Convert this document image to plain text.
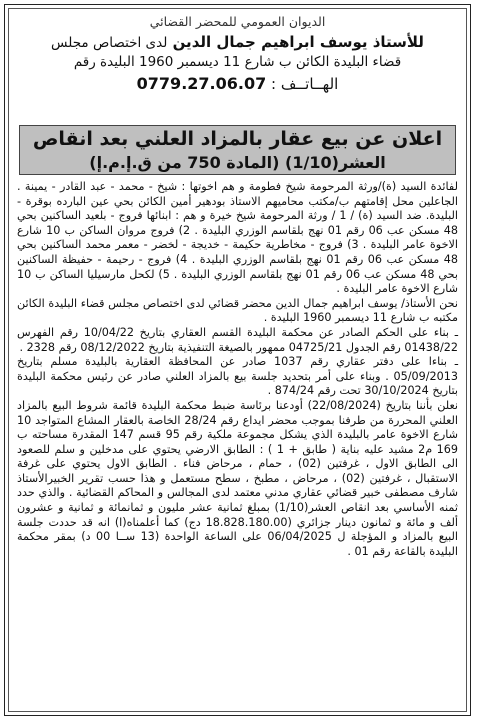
الديوان العمومي للمحضر القضائي
للأستاذ يوسف ابراهيم جمال الدين لدى اختصاص مجلس
قضاء البليدة الكائن ب شارع 11 ديسمبر 1960 البليدة رقم
الهــاتــف : 0779.27.06.07
اعلان عن بيع عقار بالمزاد العلني بعد انقاص
العشر(1/10) (المادة 750 من ق.إ.م.إ)

لفائدة السيد (ة)/ورثة المرحومة شيخ فطومة و هم اخوتها : شيخ - محمد - عبد القادر - يمينة . الجاعلين محل إقامتهم ب/مكتب محاميهم الاستاذ بودهير أمين الكائن بحي عين البارده بوقرة - البليدة. ضد السيد (ة) / 1 / ورثة المرحومة شيخ خيرة و هم : ابنائها فروج - بلعيد الساكنين بحي 48 مسكن عب 06 رقم 01 نهج بلقاسم الوزري البليدة . 2) فروج مروان الساكن ب 10 شارع الاخوة عامر البليدة . 3) فروج - مخاطرية حكيمة - خديجة - لخضر - معمر محمد الساكنين بحي 48 مسكن عب 06 رقم 01 نهج بلقاسم الوزري البليدة . 4) فروج - رحيمة - حفيظة الساكنين بحي 48 مسكن عب 06 رقم 01 نهج بلقاسم الوزري البليدة . 5) لكحل مارسيليا الساكن ب 10 شارع الاخوة عامر البليدة .

نحن الأستاذ/ يوسف ابراهيم جمال الدين محضر قضائي لدى اختصاص مجلس قضاء البليدة الكائن مكتبه ب شارع 11 ديسمبر 1960 البليدة .

ـ بناء على الحكم الصادر عن محكمة البليدة القسم العقاري بتاريخ 10/04/22 رقم الفهرس 01438/22 رقم الجدول 04725/21 ممهور بالصيغة التنفيذية بتاريخ 08/12/2022 رقم 2328 .

ـ بناءا على دفتر عقاري رقم 1037 صادر عن المحافظة العقارية بالبليدة مسلم بتاريخ 05/09/2013 . وبناء على أمر بتحديد جلسة بيع بالمزاد العلني صادر عن رئيس محكمة البليدة بتاريخ 30/10/2024 تحت رقم 874/24 .

نعلن بأننا بتاريخ (22/08/2024) أودعنا برئاسة ضبط محكمة البليدة قائمة شروط البيع بالمزاد العلني المحررة من طرفنا بموجب محضر ايداع رقم 28/24 الخاصة بالعقار المشاع المتواجد 10 شارع الاخوة عامر بالبليدة الذي يشكل مجموعة ملكية رقم 95 قسم 147 المقدرة مساحته ب 169 م2 مشيد عليه بناية ( طابق + 1 ) : الطابق الارضي يحتوي على مدخلين و سلم للصعود الى الطابق الاول ، غرفتين (02) ، حمام ، مرحاض فناء . الطابق الاول يحتوي على غرفة الاستقبال ، غرفتين (02) ، مرحاض ، مطبخ ، سطح مستعمل و هذا حسب تقرير الخبيرالأستاذ شارف مصطفى خبير قضائي عقاري مدني معتمد لدى المجالس و المحاكم القضائية . والذي حدد ثمنه الأساسي بعد انقاص العشر(1/10) بمبلغ ثمانية عشر مليون و ثمانمائة و ثمانية و عشرون ألف و مائة و ثمانون دينار جزائري (18.828.180.00 دج) كما أعلمناه(ا) انه قد حددت جلسة البيع بالمزاد و المؤجلة ل 06/04/2025 على الساعة الواحدة (13 ســا 00 د) بمقر محكمة البليدة بالقاعة رقم 01 .
